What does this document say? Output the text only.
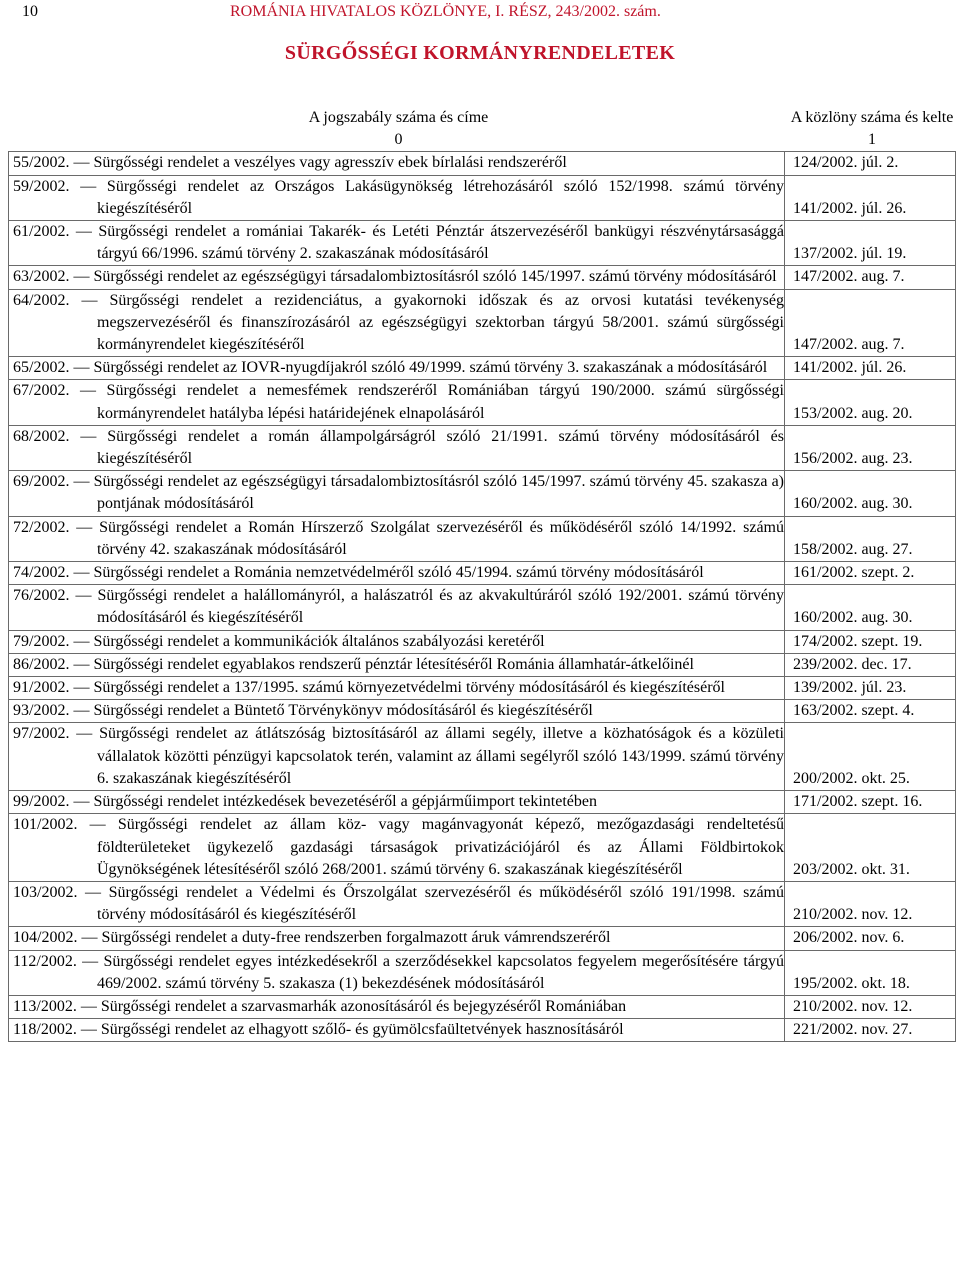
10	ROMÁNIA HIVATALOS KÖZLÖNYE, I. RÉSZ, 243/2002. szám.
SÜRGŐSSÉGI KORMÁNYRENDELETEK
A jogszabály száma és címe	A közlöny száma és kelte
0	1
55/2002. — Sürgősségi rendelet a veszélyes vagy agresszív ebek bírlalási rendszeréről	124/2002. júl. 2.
59/2002. — Sürgősségi rendelet az Országos Lakásügynökség létrehozásáról szóló 152/1998. számú törvény kiegészítéséről	141/2002. júl. 26.
61/2002. — Sürgősségi rendelet a romániai Takarék- és Letéti Pénztár átszervezéséről bankügyi részvénytársasággá tárgyú 66/1996. számú törvény 2. szakaszának módosításáról	137/2002. júl. 19.
63/2002. — Sürgősségi rendelet az egészségügyi társadalombiztosításról szóló 145/1997. számú törvény módosításáról	147/2002. aug. 7.
64/2002. — Sürgősségi rendelet a rezidenciátus, a gyakornoki időszak és az orvosi kutatási tevékenység megszervezéséről és finanszírozásáról az egészségügyi szektorban tárgyú 58/2001. számú sürgősségi kormányrendelet kiegészítéséről	147/2002. aug. 7.
65/2002. — Sürgősségi rendelet az IOVR-nyugdíjakról szóló 49/1999. számú törvény 3. szakaszának a módosításáról	141/2002. júl. 26.
67/2002. — Sürgősségi rendelet a nemesfémek rendszeréről Romániában tárgyú 190/2000. számú sürgősségi kormányrendelet hatályba lépési határidejének elnapolásáról	153/2002. aug. 20.
68/2002. — Sürgősségi rendelet a román állampolgárságról szóló 21/1991. számú törvény módosításáról és kiegészítéséről	156/2002. aug. 23.
69/2002. — Sürgősségi rendelet az egészségügyi társadalombiztosításról szóló 145/1997. számú törvény 45. szakasza a) pontjának módosításáról	160/2002. aug. 30.
72/2002. — Sürgősségi rendelet a Román Hírszerző Szolgálat szervezéséről és működéséről szóló 14/1992. számú törvény 42. szakaszának módosításáról	158/2002. aug. 27.
74/2002. — Sürgősségi rendelet a Románia nemzetvédelméről szóló 45/1994. számú törvény módosításáról	161/2002. szept. 2.
76/2002. — Sürgősségi rendelet a halállományról, a halászatról és az akvakultúráról szóló 192/2001. számú törvény módosításáról és kiegészítéséről	160/2002. aug. 30.
79/2002. — Sürgősségi rendelet a kommunikációk általános szabályozási keretéről	174/2002. szept. 19.
86/2002. — Sürgősségi rendelet egyablakos rendszerű pénztár létesítéséről Románia államhatár-átkelőinél	239/2002. dec. 17.
91/2002. — Sürgősségi rendelet a 137/1995. számú környezetvédelmi törvény módosításáról és kiegészítéséről	139/2002. júl. 23.
93/2002. — Sürgősségi rendelet a Büntető Törvénykönyv módosításáról és kiegészítéséről	163/2002. szept. 4.
97/2002. — Sürgősségi rendelet az átlátszóság biztosításáról az állami segély, illetve a közhatóságok és a közületi vállalatok közötti pénzügyi kapcsolatok terén, valamint az állami segélyről szóló 143/1999. számú törvény 6. szakaszának kiegészítéséről	200/2002. okt. 25.
99/2002. — Sürgősségi rendelet intézkedések bevezetéséről a gépjárműimport tekintetében	171/2002. szept. 16.
101/2002. — Sürgősségi rendelet az állam köz- vagy magánvagyonát képező, mezőgazdasági rendeltetésű földterületeket ügykezelő gazdasági társaságok privatizációjáról és az Állami Földbirtokok Ügynökségének létesítéséről szóló 268/2001. számú törvény 6. szakaszának kiegészítéséről	203/2002. okt. 31.
103/2002. — Sürgősségi rendelet a Védelmi és Őrszolgálat szervezéséről és működéséről szóló 191/1998. számú törvény módosításáról és kiegészítéséről	210/2002. nov. 12.
104/2002. — Sürgősségi rendelet a duty-free rendszerben forgalmazott áruk vámrendszeréről	206/2002. nov. 6.
112/2002. — Sürgősségi rendelet egyes intézkedésekről a szerződésekkel kapcsolatos fegyelem megerősítésére tárgyú 469/2002. számú törvény 5. szakasza (1) bekezdésének módosításáról	195/2002. okt. 18.
113/2002. — Sürgősségi rendelet a szarvasmarhák azonosításáról és bejegyzéséről Romániában	210/2002. nov. 12.
118/2002. — Sürgősségi rendelet az elhagyott szőlő- és gyümölcsfaültetvények hasznosításáról	221/2002. nov. 27.
